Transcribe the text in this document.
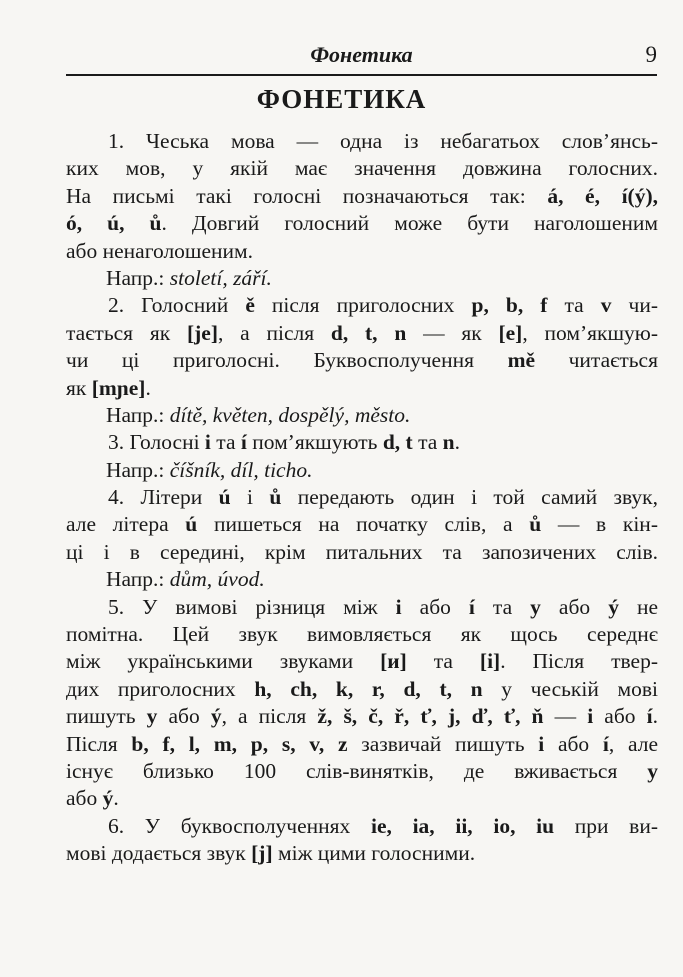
Фонетика	9
ФОНЕТИКА
1. Чеська мова — одна із небагатьох слов’янсь-
ких мов, у якій має значення довжина голосних.
На письмі такі голосні позначаються так: á, é, í(ý),
ó, ú, ů. Довгий голосний може бути наголошеним
або ненаголошеним.
Напр.: století, září.
2. Голосний ě після приголосних p, b, f та v чи-
тається як [je], а після d, t, n — як [e], пом’якшую-
чи ці приголосні. Буквосполучення mě читається
як [mɲe].
Напр.: dítě, květen, dospělý, město.
3. Голосні i та í пом’якшують d, t та n.
Напр.: číšník, díl, ticho.
4. Літери ú і ů передають один і той самий звук,
але літера ú пишеться на початку слів, а ů — в кін-
ці і в середині, крім питальних та запозичених слів.
Напр.: dům, úvod.
5. У вимові різниця між i або í та y або ý не
помітна. Цей звук вимовляється як щось середнє
між українськими звуками [и] та [і]. Після твер-
дих приголосних h, ch, k, r, d, t, n у чеській мові
пишуть y або ý, а після ž, š, č, ř, ť, j, ď, ť, ň — i або í.
Після b, f, l, m, p, s, v, z зазвичай пишуть i або í, але
існує близько 100 слів-винятків, де вживається y
або ý.
6. У буквосполученнях ie, ia, ii, io, iu при ви-
мові додається звук [j] між цими голосними.
